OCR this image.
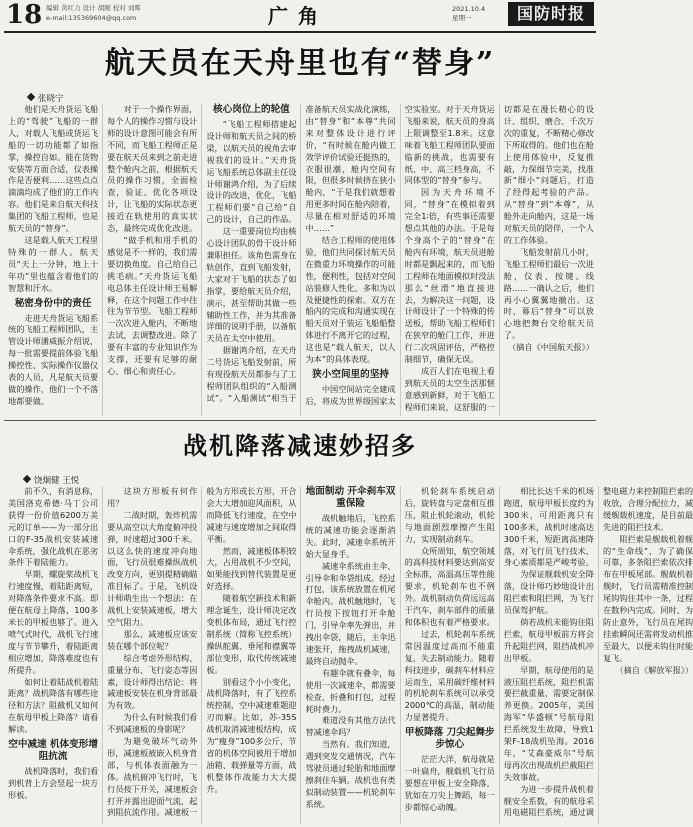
18 编辑 黄红力 设计 胡刚 校对 刘晖
e-mail:135369604@qq.com	广角	2021.10.4
星期一	国防时报
航天员在天舟里也有“替身”
张晓宁

他们是天舟货运飞船上的“驾驶”飞船的一群人，对载人飞船或货运飞船的一切功能都了如指掌，操控自如。能在货物安装等方面合适，仪表操作是否便利……这些点点滴滴均成了他们的工作内容。他们是来自航天科技集团的飞船工程师，也是航天员的“替身”。

这是载人航天工程里特殊的一群人。航天员“天上一分钟，地上十年功”里也蕴含着他们的智慧和汗水。

秘密身份中的责任

走进天舟货运飞船系统的飞船工程师团队，主管设计师潘威振介绍说，每一批需要提前体验飞船操控性、实际操作仪器仪表的人员，凡是航天员要做的操作，他们一个不落地都要做。

对于一个操作界面，每个人的操作习惯与设计师的设计意图可能会有所不同，而飞船工程师正是要在航天员来到之前走进整个舱内之前，根据航天员的操作习惯，全面检查，验证、优化各项设计，让飞船的实际状态更接近在轨使用的真实状态，最终完成优化改进。

“做手机和用手机的感觉是不一样的，我们需要切换角度。自己给自己挑毛病。”天舟货运飞船电总体主任设计师王易解释，在这个问题工作中往往为节节型。飞船工程师一次次进入舱内，不断地去试，去调整改进。除了要有丰富的专业知识作为支撑，还要有足够的耐心、细心和责任心。

核心岗位上的轮值

“飞船工程师搭建起设计师和航天员之间的桥梁，以航天员的视角去审视我们的设计。”天舟货运飞船系统总体副主任设计师谢鸿介绍，为了后续设计的改进，优化，飞船工程师们要“自己给”自己的设计，自己的作品。

这一重要岗位均由核心设计团队的骨干设计师兼职担任。该角色需身在轨创作，直到飞船发射，大家对于飞船的状态了如指掌，要给航天员介绍，演示，甚至帮助其做一些辅助性工作，并为其准备详细的说明手册，以备航天员在太空中使用。

据谢鸿介绍，在天舟二号货运飞船发射前，所有现役航天员都参与了工程师团队组织的“入船测试”。“入船测试”相当于准备航天员实战化演练，由“替身”和“本尊”共同来对整体设计进行评价，“有时候在舱内做工效学评价试验还挺热的，衣服很潮，舱内空间有限，但很多时候挤在狭小舱内，“于是我们就想着用更多时间在舱内陪着，尽量在相对舒适的环境中……”

结合工程师的使用体验，他们共同探讨航天员在微重力环境操作的可能性，便利性，包括对空间站装修人性化、多和为以及便捷性的探索。双方在船内的完成和沟通实现在船天员对于装运飞船船整体进行不离开它的过程，这也是“载人航天，以人为本”的具体表现。

狭小空间里的坚持

中国空间站完全建成后，将成为世界级国家太空实验室。对于天舟货运飞船来说，航天员的身高上限调整至1.8米。这意味着飞船工程师团队要面临新的挑战，也需要有纸、中、高三档身高，不同体型的“替身”参与。

因为天舟环境不同，“替身”在模拟着到完全1∶倍，有些事还需要想点其他的办法。于是每个身高个子的“替身”在舱内有环境，航天员进舱时都是飘起来的，而飞船工程师在地面模拟时没法那么“丝滑”地直接进去，为解决这一问题，设计师设计了一个特殊的传送板，帮助飞船工程师们在狭窄的舱门工作，并进行二次巩固评估，严格控制细节，确保无误。

成百人们在电视上看到航天员的太空生活那惬意感到新鲜，对于飞船工程师们来说，这舒服的一切都是在漫长精心的设计、组织、磨合、千次万次的重复，不断精心修改下所取得的。他们也在舱上使用体验中，反复推敲，力保细节完美，找准新“细小”问题后，打造了经得起考验的产品。从“替身”到“本尊”，从舱外走向舱内，这是一场对航天员的陪伴，一个人的工作体验。

飞船发射前几小时，飞船工程师们最后一次进舱，仪表、按键、线路……一确认之后，他们再小心翼翼地撤出。这时，幕后“替身”可以放心地把舞台交给航天员了。

（摘自《中国航天报》）

战机降落减速妙招多
饶炯健 王悦

前不久，有消息称，美国洛克希德·马丁公司获得一份价值6200万美元的订单——为一部分出口的F-35战机安装减速伞系统，强化战机在恶劣条件下着陆能力。

早期，螺旋桨战机飞行速度慢，着陆距离短，对降落条件要求不高。即便在航母上降落，100多米长的甲板也够了。进入喷气式时代，战机飞行速度与节节攀升，着陆距离相应增加，降落难度也有所提升。

如何让着陆战机着陆距离？战机降落有哪些途径和方法？阻截机又如何在航母甲板上降落？请看解读。

空中减速 机体变形增阻抗流

战机降落时，我们看到机背上方会竖起一块方形板。

这块方形板有何作用？

二战时期，轰炸机需要从高空以大角度俯冲投弹，时速超过300千米。以这么快的速度冲向地面，飞行员很难操纵战机改变方向，更别提精确瞄准目标了。于是，飞机设计师萌生出一个想法：在战机上安装减速板，增大空气阻力。

那么，减速板应该安装在哪个部位呢？

综合考虑外形结构、重量分布、飞行姿态等因素，设计师得出结论：将减速板安装在机身背部最为有效。

为什么有时候我们看不到减速板的身影呢？

为避免破坏气动外形，减速板被嵌入机身背部，与机体表面融为一体。战机俯冲飞行时，飞行员按下开关，减速板会打开并露出迎面气流，起到阻抗流作用。减速板一般为方形或长方形，开合会大大增加迎风面积，从而降低飞行速度，在空中减速与速度增加之间取得平衡。

然而，减速板体积较大，占用战机不少空间，如果能找到替代装置是更好选择。

随着航空新技术和新理念诞生，设计师决定改变机体布局，通过飞行控制系统（简称飞控系统）操纵舵翼、垂尾和襟翼等部位变形，取代传统减速板。

别看这个小小变化，战机降落时，有了飞控系统控制，空中减速难题迎刃而解。比如，苏-35S战机取消减速板结构，成为“瘦身”100多公斤，节省的机体空间被用于增加油箱、载弹量等方面，战机整体作战能力大大提升。

地面制动 开伞刹车双重保险

战机触地后，飞控系统的减速功能会逐渐消失。此时，减速伞系统开始大显身手。

减速伞系统由主伞、引导伞和伞袋组成。经过打包，该系统放置在机尾伞舱内。战机触地时，飞行员按下按钮打开伞舱门，引导伞率先弹出，并拽出伞袋，随后，主伞迅速张开，拖拽战机减速，最终自动抛伞。

有趣伞就有叠伞，每使用一次减速伞，都需要检查、折叠和打包，过程耗时费力。

难道没有其他方法代替减速伞吗？

当然有。我们知道，遇到突发交通情况，汽车驾驶员通过轮胎和地面摩擦刹住车辆。战机也有类似制动装置——机轮刹车系统。

机轮刹车系统启动后，旋转盘与定盘相互推压，阻止机轮滚动，机轮与地面剧烈摩擦产生阻力，实现制动刹车。

众所周知，航空领域的高科技材料要达到高安全标准，高温高压等性能要求，机轮刹车也不例外。战机制动负荷远远高于汽车，刹车部件的质量和体积也有着严格要求。

过去，机轮刹车系统常因温度过高而不能重复，失去制动能力。随着科技进步，碳刹车材料应运而生，采用碳纤维材料的机轮刹车系统可以承受2000℃的高温，制动能力显著提升。

甲板降落 刀尖起舞步步惊心

茫茫大洋，航母就是一叶扁舟，舰载机飞行员要想在甲板上安全降落，犹如在刀尖上舞蹈，每一步都惊心动魄。

相比长达千米的机场跑道，航母甲板长度约为300米，可用距离只有100多米，战机时速高达300千米，短距离高速降落，对飞行员飞行技术、身心素质都是严峻考验。

为保证舰载机安全降落，设计师巧妙地设计出阻拦索和阻拦网，为飞行员保驾护航。

倘若战机未能钩住阻拦索，航母甲板前方将会升起阻拦网，阻挡战机冲出甲板。

早期，航母使用的是液压阻拦系统，阻拦机需要拦截重量，需要定制保养更换。2005年，美国海军“华盛顿”号航母阻拦系统发生故障，导致1架F-18战机坠海。2016年，“艾森豪威尔”号航母再次出现战机拦截阻拦失效事故。

为进一步提升战机着舰安全系数，有的航母采用电磁阻拦系统，通过调整电磁力来控制阻拦索的收放，合理分配拉力，减缓舰载机速度，是目前最先进的阻拦技术。

阻拦索是舰载机着舰的“生命线”，为了确保可靠，多条阻拦索依次排布在甲板尾部。舰载机着舰时，飞行员需精准控制尾钩钩住其中一条，过程在数秒内完成。同时，为防止意外，飞行员在尾钩挂索瞬间还需将发动机推至最大，以便未钩住时能复飞。

（摘自《解放军报》）
